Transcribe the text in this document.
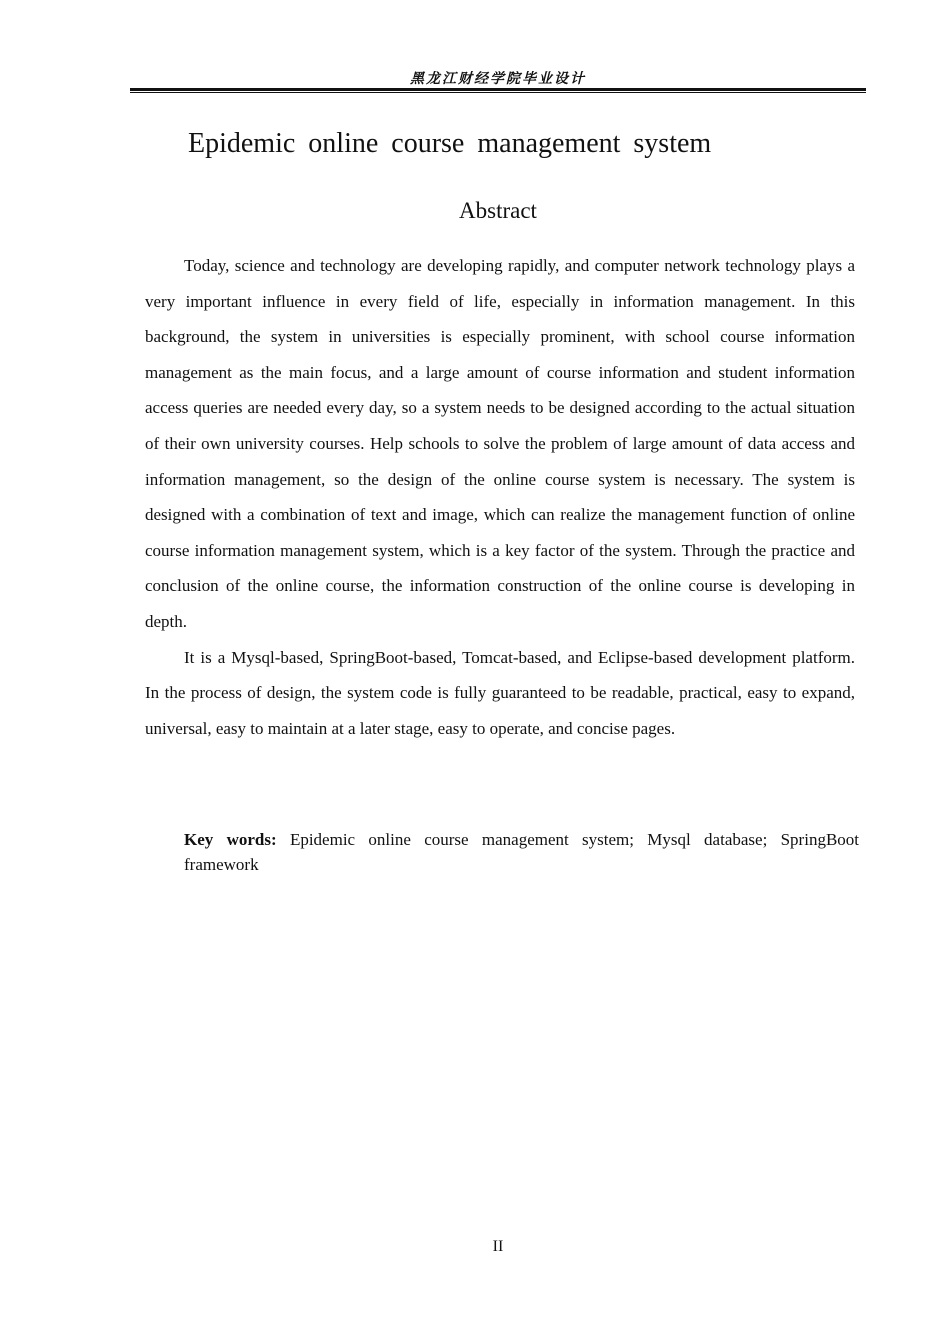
黑龙江财经学院毕业设计
Epidemic online course management system
Abstract

Today, science and technology are developing rapidly, and computer network technology plays a very important influence in every field of life, especially in information management. In this background, the system in universities is especially prominent, with school course information management as the main focus, and a large amount of course information and student information access queries are needed every day, so a system needs to be designed according to the actual situation of their own university courses. Help schools to solve the problem of large amount of data access and information management, so the design of the online course system is necessary. The system is designed with a combination of text and image, which can realize the management function of online course information management system, which is a key factor of the system. Through the practice and conclusion of the online course, the information construction of the online course is developing in depth.

It is a Mysql-based, SpringBoot-based, Tomcat-based, and Eclipse-based development platform. In the process of design, the system code is fully guaranteed to be readable, practical, easy to expand, universal, easy to maintain at a later stage, easy to operate, and concise pages.

Key words: Epidemic online course management system; Mysql database; SpringBoot framework
II
